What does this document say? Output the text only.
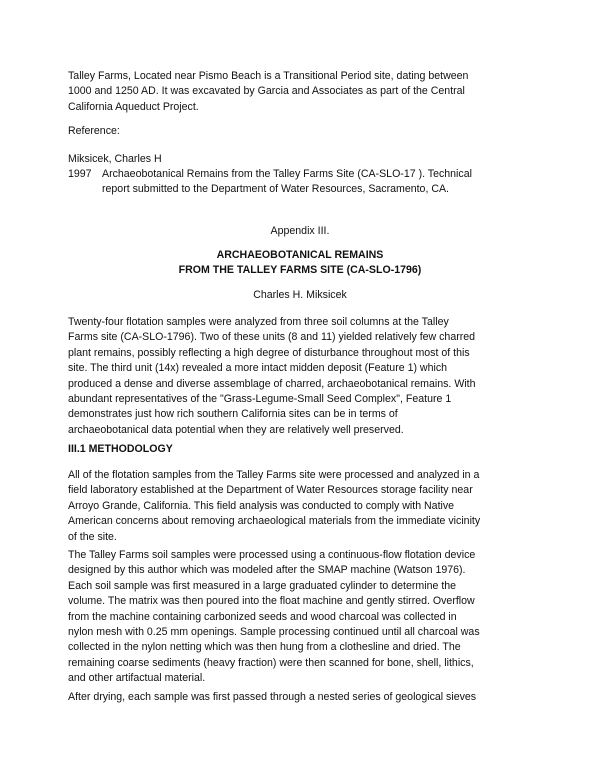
Talley Farms, Located near Pismo Beach is a Transitional Period site, dating between
1000 and 1250 AD. It was excavated by Garcia and Associates as part of the Central
California Aqueduct Project.
Reference:
Miksicek, Charles H
1997 Archaeobotanical Remains from the Talley Farms Site (CA-SLO-17 ). Technical
report submitted to the Department of Water Resources, Sacramento, CA.
Appendix III.
ARCHAEOBOTANICAL REMAINS
FROM THE TALLEY FARMS SITE (CA-SLO-1796)
Charles H. Miksicek
Twenty-four flotation samples were analyzed from three soil columns at the Talley
Farms site (CA-SLO-1796). Two of these units (8 and 11) yielded relatively few charred
plant remains, possibly reflecting a high degree of disturbance throughout most of this
site. The third unit (14x) revealed a more intact midden deposit (Feature 1) which
produced a dense and diverse assemblage of charred, archaeobotanical remains. With
abundant representatives of the "Grass-Legume-Small Seed Complex", Feature 1
demonstrates just how rich southern California sites can be in terms of
archaeobotanical data potential when they are relatively well preserved.
III.1 METHODOLOGY
All of the flotation samples from the Talley Farms site were processed and analyzed in a
field laboratory established at the Department of Water Resources storage facility near
Arroyo Grande, California. This field analysis was conducted to comply with Native
American concerns about removing archaeological materials from the immediate vicinity
of the site.
The Talley Farms soil samples were processed using a continuous-flow flotation device
designed by this author which was modeled after the SMAP machine (Watson 1976).
Each soil sample was first measured in a large graduated cylinder to determine the
volume. The matrix was then poured into the float machine and gently stirred. Overflow
from the machine containing carbonized seeds and wood charcoal was collected in
nylon mesh with 0.25 mm openings. Sample processing continued until all charcoal was
collected in the nylon netting which was then hung from a clothesline and dried. The
remaining coarse sediments (heavy fraction) were then scanned for bone, shell, lithics,
and other artifactual material.
After drying, each sample was first passed through a nested series of geological sieves
